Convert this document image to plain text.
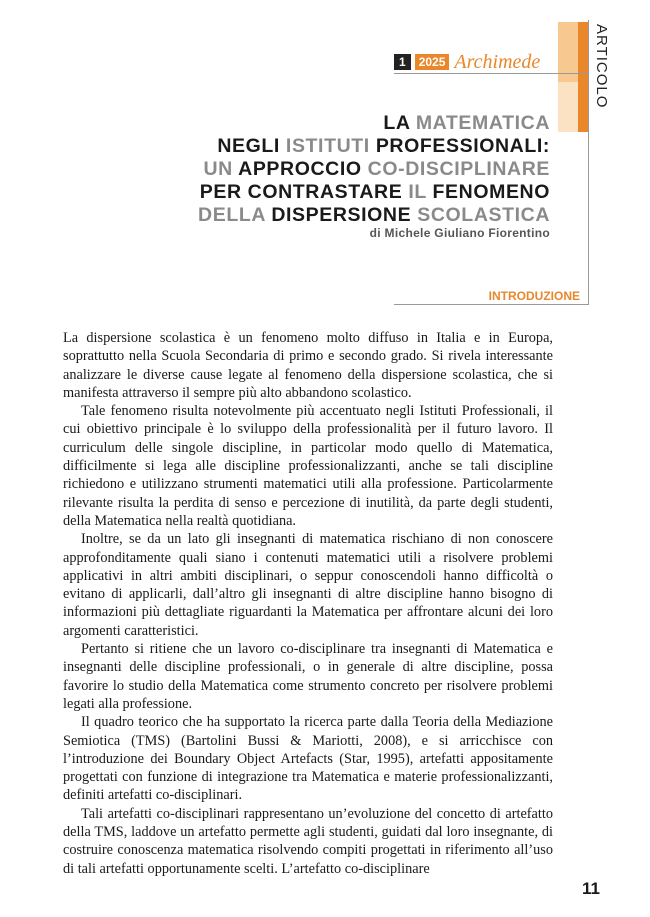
ARTICOLO
1	2025 Archimede
LA MATEMATICA
NEGLI ISTITUTI PROFESSIONALI:
UN APPROCCIO CO-DISCIPLINARE
PER CONTRASTARE IL FENOMENO
DELLA DISPERSIONE SCOLASTICA
di Michele Giuliano Fiorentino
INTRODUZIONE

La dispersione scolastica è un fenomeno molto diffuso in Italia e in Europa, soprattutto nella Scuola Secondaria di primo e secondo grado. Si rivela interessante analizzare le diverse cause legate al fenomeno della dispersione scolastica, che si manifesta attraverso il sempre più alto abbandono scolastico.

Tale fenomeno risulta notevolmente più accentuato negli Istituti Professionali, il cui obiettivo principale è lo sviluppo della professionalità per il futuro lavoro. Il curriculum delle singole discipline, in particolar modo quello di Matematica, difficilmente si lega alle discipline professionalizzanti, anche se tali discipline richiedono e utilizzano strumenti matematici utili alla professione. Particolarmente rilevante risulta la perdita di senso e percezione di inutilità, da parte degli studenti, della Matematica nella realtà quotidiana.

Inoltre, se da un lato gli insegnanti di matematica rischiano di non conoscere approfonditamente quali siano i contenuti matematici utili a risolvere problemi applicativi in altri ambiti disciplinari, o seppur conoscendoli hanno difficoltà o evitano di applicarli, dall’altro gli insegnanti di altre discipline hanno bisogno di informazioni più dettagliate riguardanti la Matematica per affrontare alcuni dei loro argomenti caratteristici.

Pertanto si ritiene che un lavoro co-disciplinare tra insegnanti di Matematica e insegnanti delle discipline professionali, o in generale di altre discipline, possa favorire lo studio della Matematica come strumento concreto per risolvere problemi legati alla professione.

Il quadro teorico che ha supportato la ricerca parte dalla Teoria della Mediazione Semiotica (TMS) (Bartolini Bussi & Mariotti, 2008), e si arricchisce con l’introduzione dei Boundary Object Artefacts (Star, 1995), artefatti appositamente progettati con funzione di integrazione tra Matematica e materie professionalizzanti, definiti artefatti co-disciplinari.

Tali artefatti co-disciplinari rappresentano un’evoluzione del concetto di artefatto della TMS, laddove un artefatto permette agli studenti, guidati dal loro insegnante, di costruire conoscenza matematica risolvendo compiti progettati in riferimento all’uso di tali artefatti opportunamente scelti. L’artefatto co-disciplinare

11
